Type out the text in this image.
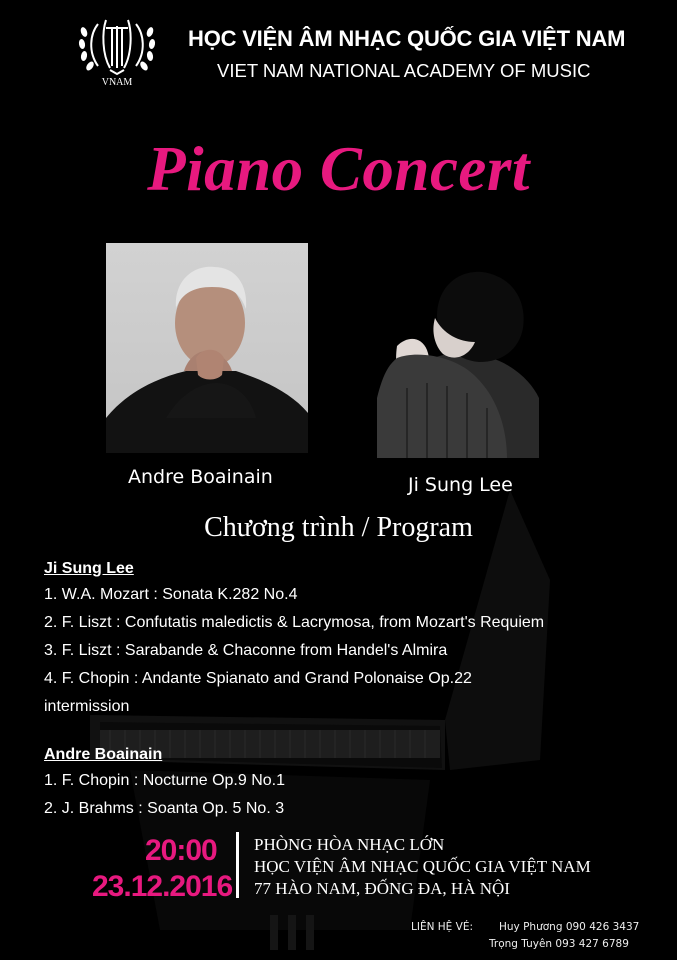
VNAM
HỌC VIỆN ÂM NHẠC QUỐC GIA VIỆT NAM
VIET NAM NATIONAL ACADEMY OF MUSIC
Piano Concert
Andre Boainain	Ji Sung Lee
Chương trình / Program
Ji Sung Lee
1. W.A. Mozart : Sonata K.282 No.4
2. F. Liszt : Confutatis maledictis & Lacrymosa, from Mozart's Requiem
3. F. Liszt : Sarabande & Chaconne from Handel's Almira
4. F. Chopin : Andante Spianato and Grand Polonaise Op.22
intermission
Andre Boainain
1. F. Chopin : Nocturne Op.9 No.1
2. J. Brahms : Soanta Op. 5 No. 3
20:00
23.12.2016
PHÒNG HÒA NHẠC LỚN
HỌC VIỆN ÂM NHẠC QUỐC GIA VIỆT NAM
77 HÀO NAM, ĐỐNG ĐA, HÀ NỘI
LIÊN HỆ VÉ: Huy Phương 090 426 3437
Trọng Tuyên 093 427 6789
